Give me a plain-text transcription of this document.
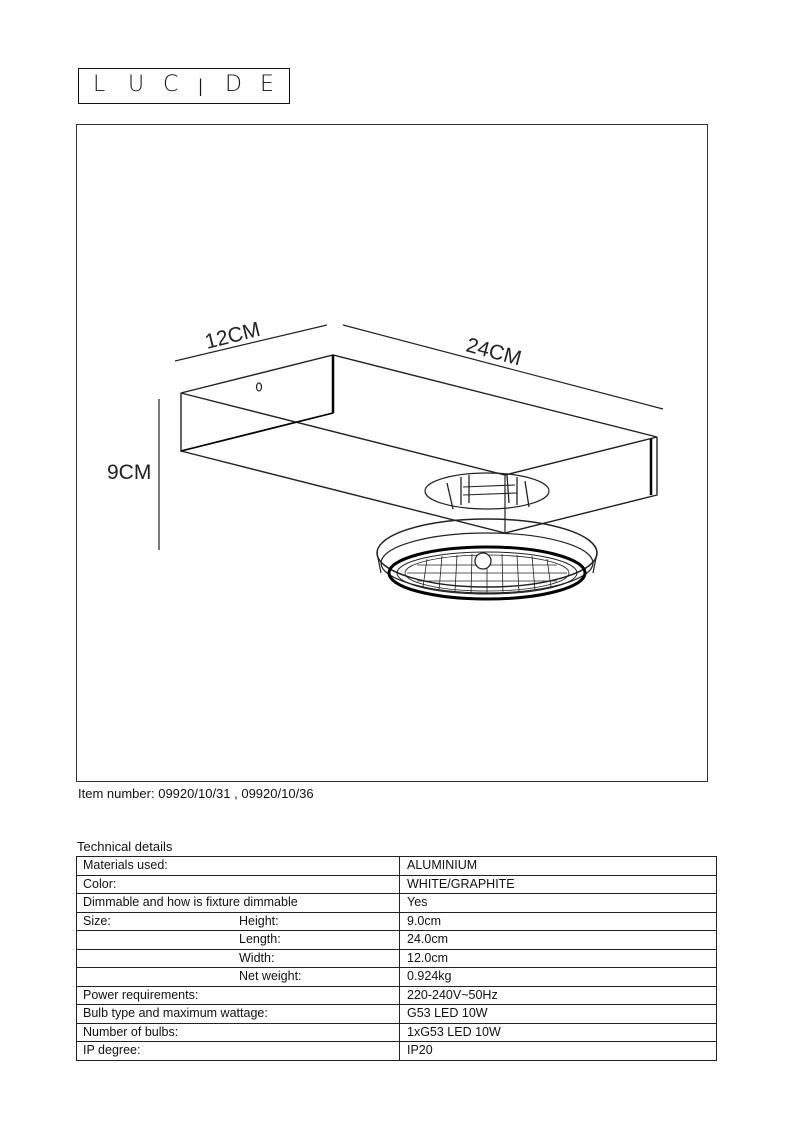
L U C I D E
12CM	24CM
9CM
Item number: 09920/10/31 , 09920/10/36
Technical details
Materials used:		ALUMINIUM
Color:		WHITE/GRAPHITE
Dimmable and how is fixture dimmable		Yes
Size:	Height:	9.0cm
	Length:	24.0cm
	Width:	12.0cm
	Net weight:	0.924kg
Power requirements:		220-240V~50Hz
Bulb type and maximum wattage:		G53 LED 10W
Number of bulbs:		1xG53 LED 10W
IP degree:		IP20
